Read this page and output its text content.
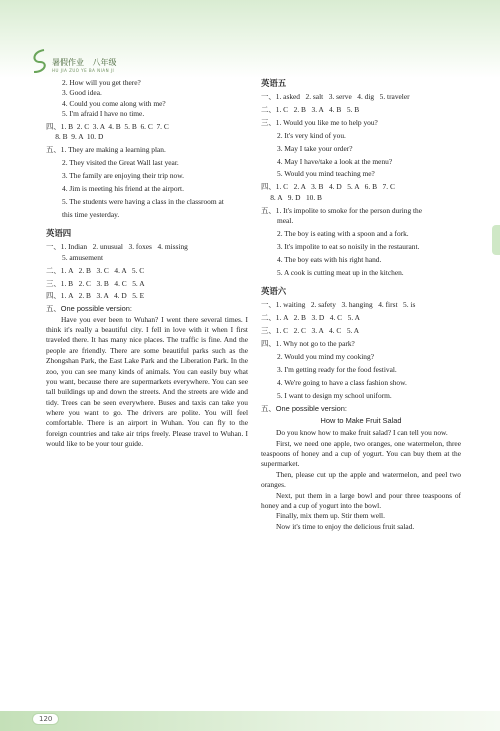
暑假作业 八年级
HU JIA ZUO YE BA NIAN JI

2. How will you get there?

3. Good idea.

4. Could you come along with me?

5. I'm afraid I have no time.

四、1. B  2. C  3. A  4. B  5. B  6. C  7. C

8. B  9. A  10. D

五、1. They are making a learning plan.

2. They visited the Great Wall last year.

3. The family are enjoying their trip now.

4. Jim is meeting his friend at the airport.

5. The students were having a class in the classroom at

this time yesterday.

英语四

一、1. Indian   2. unusual   3. foxes   4. missing

5. amusement

二、1. A   2. B   3. C   4. A   5. C

三、1. B   2. C   3. B   4. C   5. A

四、1. A   2. B   3. A   4. D   5. E

五、One possible version:

Have you ever been to Wuhan? I went there several times. I think it's really a beautiful city. I fell in love with it when I first traveled there. It has many nice places. The traffic is fine. And the people are friendly. There are some beautiful parks such as the Zhongshan Park, the East Lake Park and the Liberation Park. In the zoo, you can see many kinds of animals. You can easily buy what you want, because there are supermarkets everywhere. You can see tall buildings up and down the streets. And the streets are wide and tidy. Trees can be seen everywhere. Buses and taxis can take you where you want to go. The drivers are polite. You will feel comfortable. There is an airport in Wuhan. You can fly to the foreign countries and take air trips freely. Please travel to Wuhan. I would like to be your tour guide.

英语五

一、1. asked   2. salt   3. serve   4. dig   5. traveler

二、1. C   2. B   3. A   4. B   5. B

三、1. Would you like me to help you?

2. It's very kind of you.

3. May I take your order?

4. May I have/take a look at the menu?

5. Would you mind teaching me?

四、1. C   2. A   3. B   4. D   5. A   6. B   7. C

8. A   9. D   10. B

五、1. It's impolite to smoke for the person during the

meal.

2. The boy is eating with a spoon and a fork.

3. It's impolite to eat so noisily in the restaurant.

4. The boy eats with his right hand.

5. A cook is cutting meat up in the kitchen.

英语六

一、1. waiting   2. safety   3. hanging   4. first   5. is

二、1. A   2. B   3. D   4. C   5. A

三、1. C   2. C   3. A   4. C   5. A

四、1. Why not go to the park?

2. Would you mind my cooking?

3. I'm getting ready for the food festival.

4. We're going to have a class fashion show.

5. I want to design my school uniform.

五、One possible version:

How to Make Fruit Salad

Do you know how to make fruit salad? I can tell you now.

First, we need one apple, two oranges, one watermelon, three teaspoons of honey and a cup of yogurt. You can buy them at the supermarket.

Then, please cut up the apple and watermelon, and peel two oranges.

Next, put them in a large bowl and pour three teaspoons of honey and a cup of yogurt into the bowl.

Finally, mix them up. Stir them well.

Now it's time to enjoy the delicious fruit salad.

120
